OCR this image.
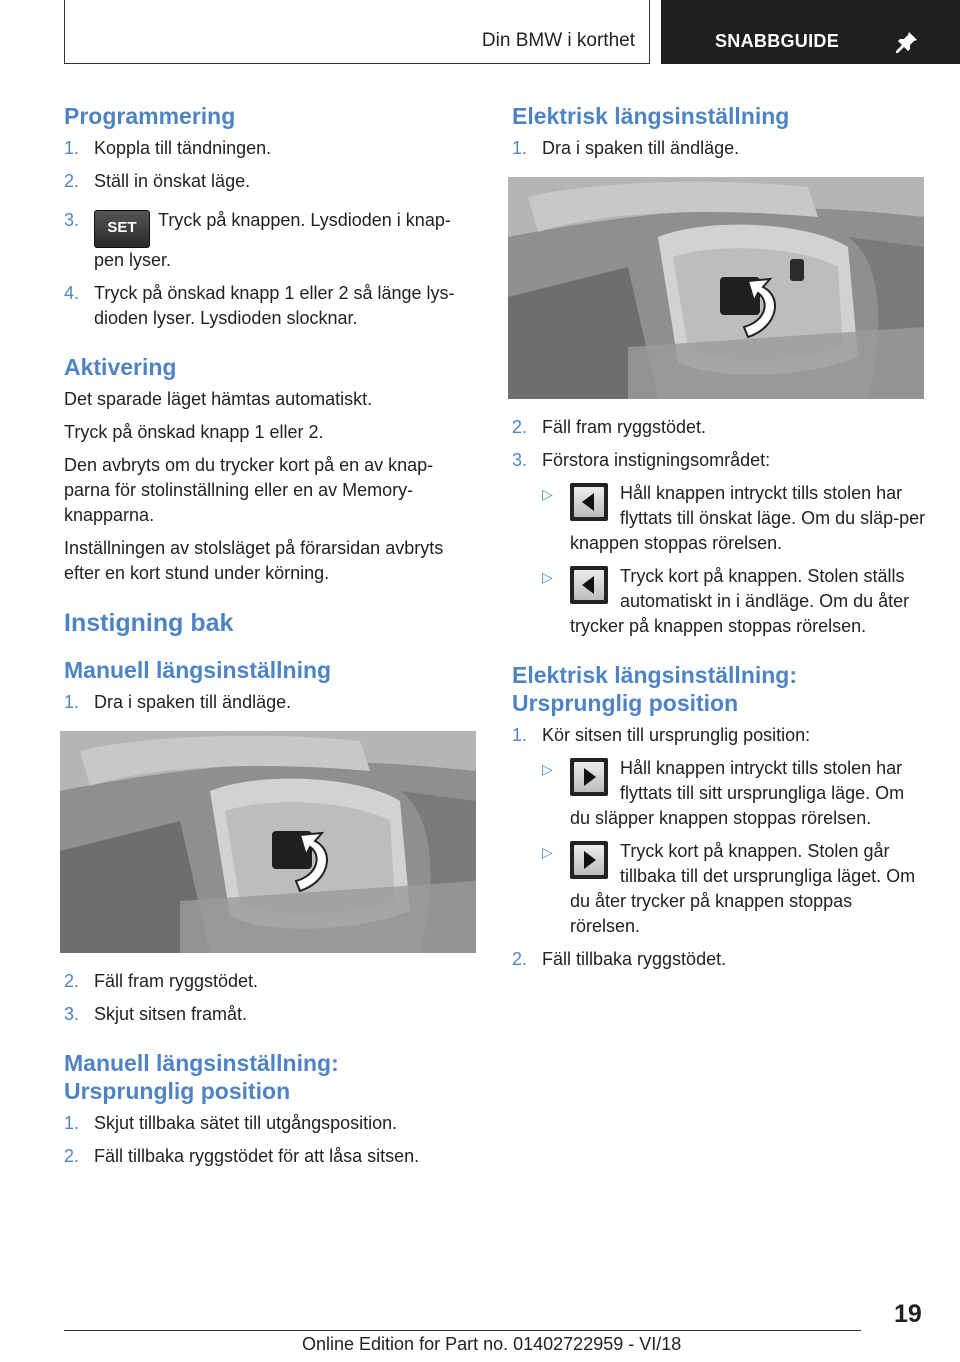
Din BMW i korthet	SNABBGUIDE
Programmering
1. Koppla till tändningen.
2. Ställ in önskat läge.
3. SET Tryck på knappen. Lysdioden i knap-pen lyser.
4. Tryck på önskad knapp 1 eller 2 så länge lys-dioden lyser. Lysdioden slocknar.
Aktivering

Det sparade läget hämtas automatiskt.

Tryck på önskad knapp 1 eller 2.

Den avbryts om du trycker kort på en av knap-parna för stolinställning eller en av Memory-knapparna.

Inställningen av stolsläget på förarsidan avbryts efter en kort stund under körning.

Instigning bak
Manuell längsinställning
1. Dra i spaken till ändläge.
2. Fäll fram ryggstödet.
3. Skjut sitsen framåt.
Manuell längsinställning: Ursprunglig position
1. Skjut tillbaka sätet till utgångsposition.
2. Fäll tillbaka ryggstödet för att låsa sitsen.
Elektrisk längsinställning
1. Dra i spaken till ändläge.
2. Fäll fram ryggstödet.
3. Förstora instigningsområdet:
▷	Håll knappen intryckt tills stolen har flyttats till önskat läge. Om du släp-per knappen stoppas rörelsen.
▷	Tryck kort på knappen. Stolen ställs automatiskt in i ändläge. Om du åter trycker på knappen stoppas rörelsen.
Elektrisk längsinställning: Ursprunglig position
1. Kör sitsen till ursprunglig position:
▷	Håll knappen intryckt tills stolen har flyttats till sitt ursprungliga läge. Om du släpper knappen stoppas rörelsen.
▷	Tryck kort på knappen. Stolen går tillbaka till det ursprungliga läget. Om du åter trycker på knappen stoppas rörelsen.
2. Fäll tillbaka ryggstödet.
19
Online Edition for Part no. 01402722959 - VI/18
